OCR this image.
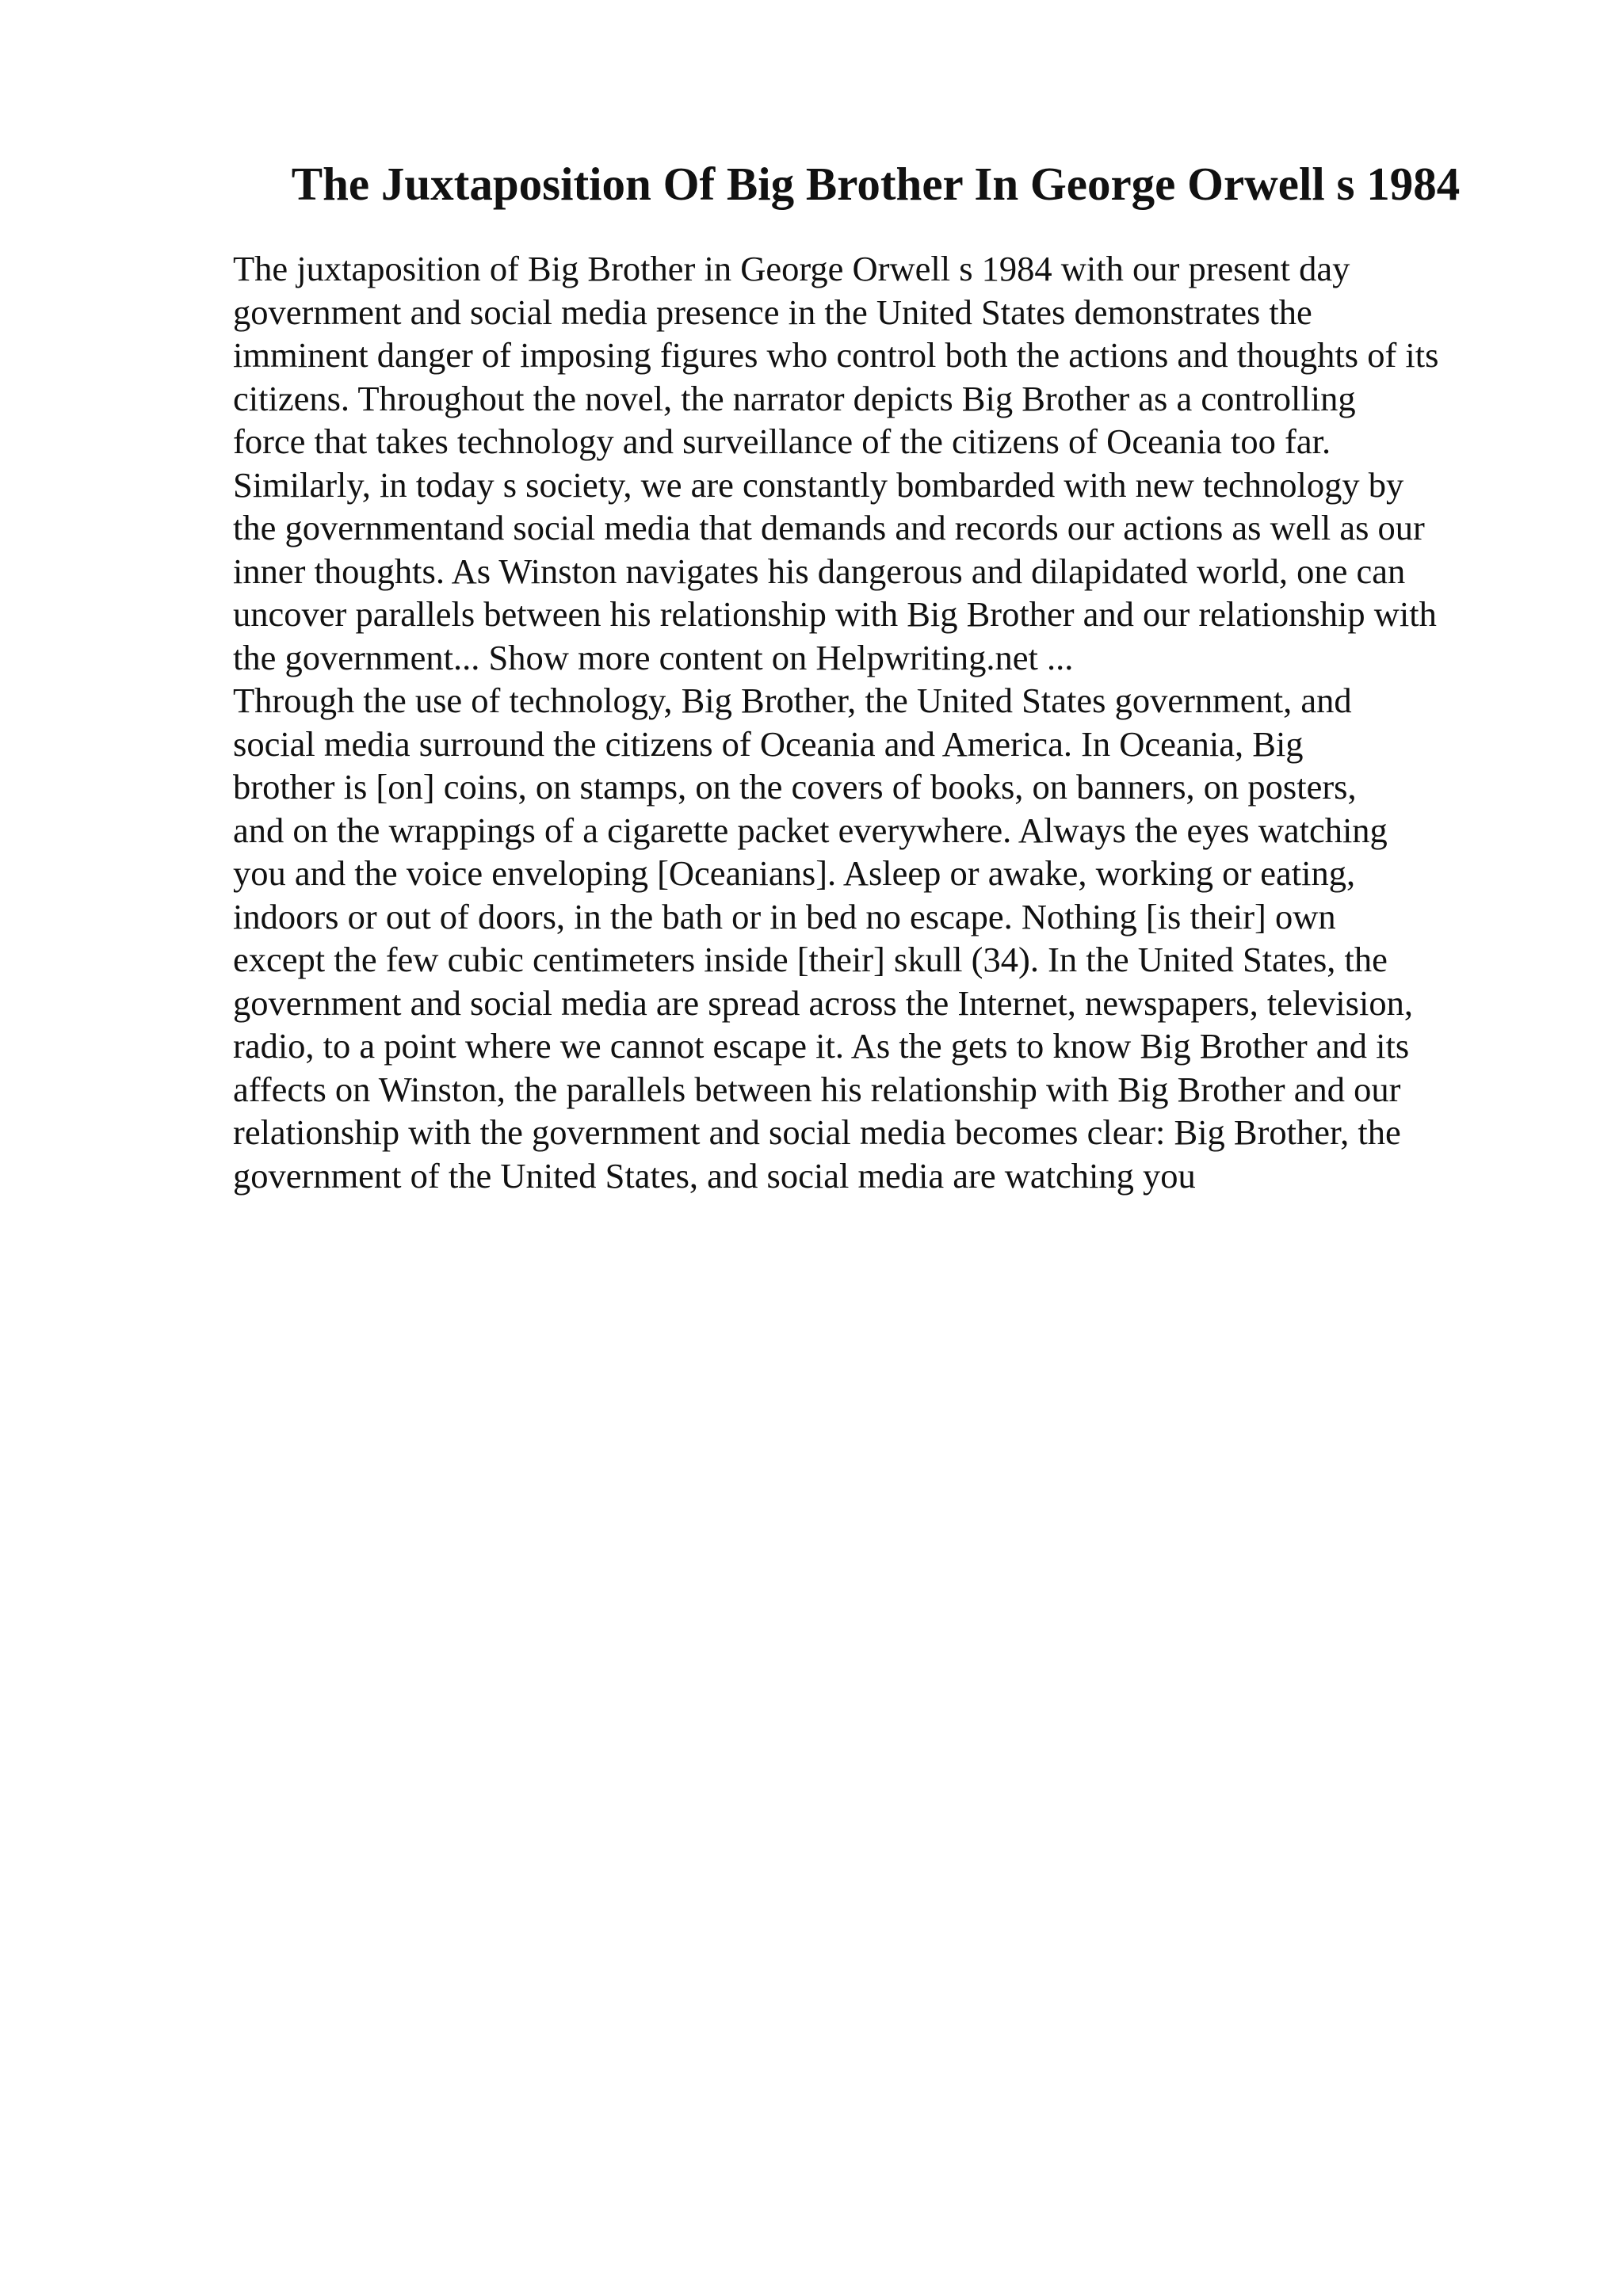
The Juxtaposition Of Big Brother In George Orwell s 1984
The juxtaposition of Big Brother in George Orwell s 1984 with our present day
government and social media presence in the United States demonstrates the
imminent danger of imposing figures who control both the actions and thoughts of its
citizens. Throughout the novel, the narrator depicts Big Brother as a controlling
force that takes technology and surveillance of the citizens of Oceania too far.
Similarly, in today s society, we are constantly bombarded with new technology by
the governmentand social media that demands and records our actions as well as our
inner thoughts. As Winston navigates his dangerous and dilapidated world, one can
uncover parallels between his relationship with Big Brother and our relationship with
the government... Show more content on Helpwriting.net ...
Through the use of technology, Big Brother, the United States government, and
social media surround the citizens of Oceania and America. In Oceania, Big
brother is [on] coins, on stamps, on the covers of books, on banners, on posters,
and on the wrappings of a cigarette packet everywhere. Always the eyes watching
you and the voice enveloping [Oceanians]. Asleep or awake, working or eating,
indoors or out of doors, in the bath or in bed no escape. Nothing [is their] own
except the few cubic centimeters inside [their] skull (34). In the United States, the
government and social media are spread across the Internet, newspapers, television,
radio, to a point where we cannot escape it. As the gets to know Big Brother and its
affects on Winston, the parallels between his relationship with Big Brother and our
relationship with the government and social media becomes clear: Big Brother, the
government of the United States, and social media are watching you
